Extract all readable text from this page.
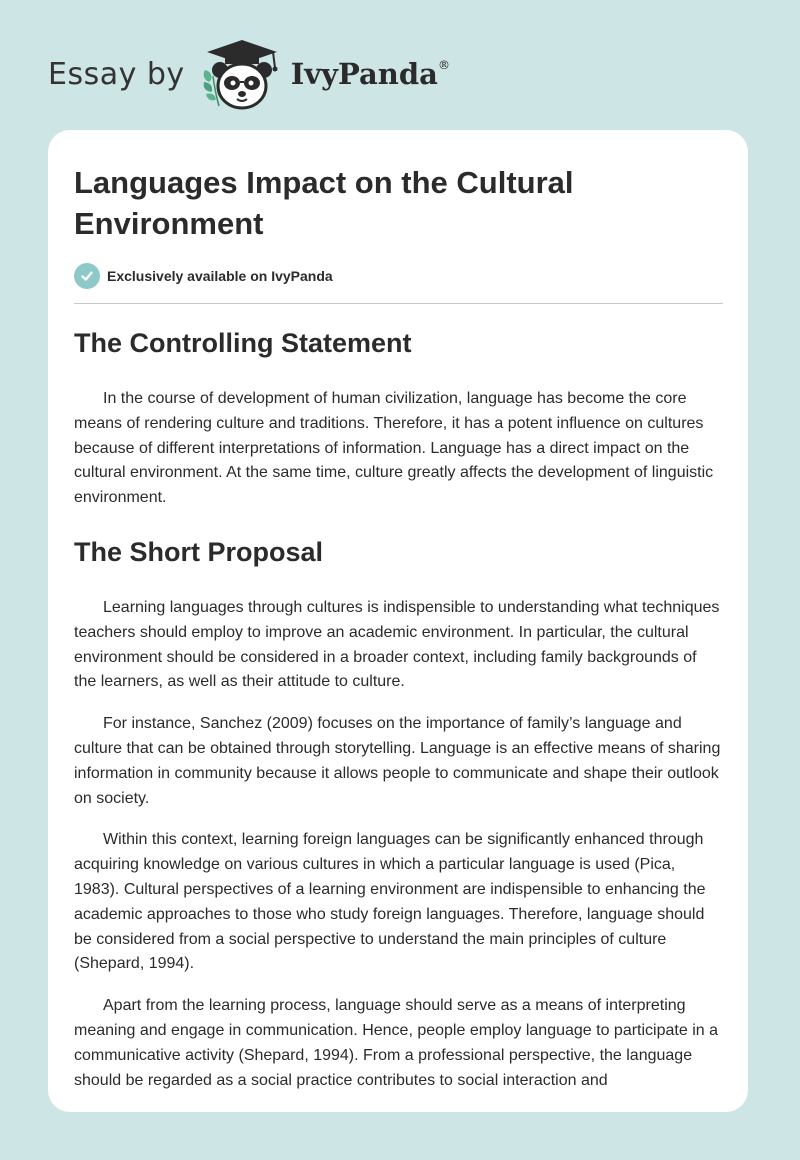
Essay by	IvyPanda®
Languages Impact on the Cultural Environment
Exclusively available on IvyPanda
The Controlling Statement

In the course of development of human civilization, language has become the core means of rendering culture and traditions. Therefore, it has a potent influence on cultures because of different interpretations of information. Language has a direct impact on the cultural environment. At the same time, culture greatly affects the development of linguistic environment.

The Short Proposal

Learning languages through cultures is indispensible to understanding what techniques teachers should employ to improve an academic environment. In particular, the cultural environment should be considered in a broader context, including family backgrounds of the learners, as well as their attitude to culture.

For instance, Sanchez (2009) focuses on the importance of family’s language and culture that can be obtained through storytelling. Language is an effective means of sharing information in community because it allows people to communicate and shape their outlook on society.

Within this context, learning foreign languages can be significantly enhanced through acquiring knowledge on various cultures in which a particular language is used (Pica, 1983). Cultural perspectives of a learning environment are indispensible to enhancing the academic approaches to those who study foreign languages. Therefore, language should be considered from a social perspective to understand the main principles of culture (Shepard, 1994).

Apart from the learning process, language should serve as a means of interpreting meaning and engage in communication. Hence, people employ language to participate in a communicative activity (Shepard, 1994). From a professional perspective, the language should be regarded as a social practice contributes to social interaction and
